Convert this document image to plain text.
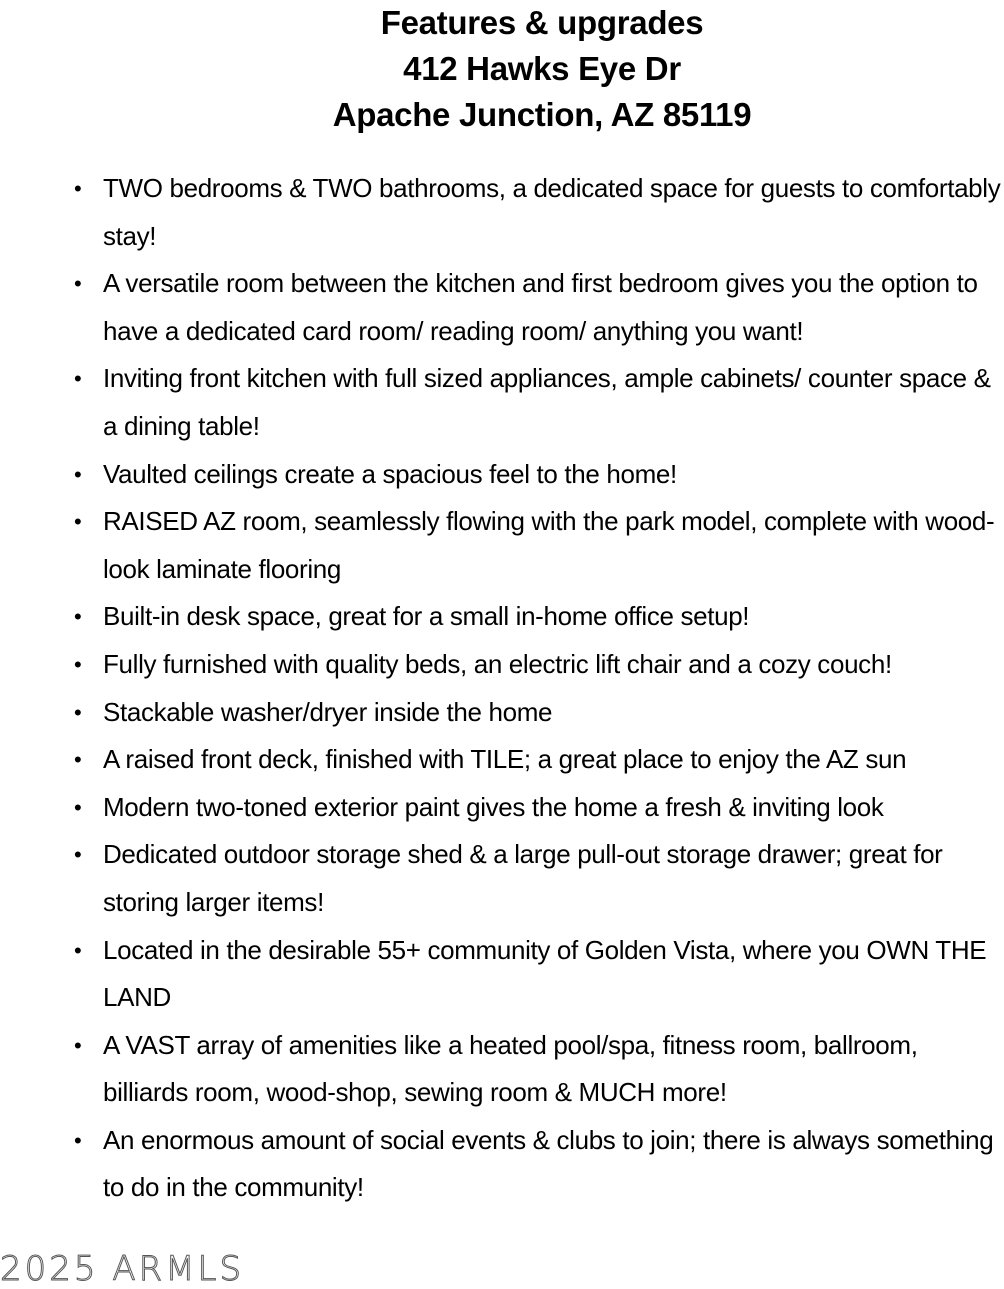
Features & upgrades
412 Hawks Eye Dr
Apache Junction, AZ 85119
• TWO bedrooms & TWO bathrooms, a dedicated space for guests to comfortably stay!
• A versatile room between the kitchen and first bedroom gives you the option to have a dedicated card room/ reading room/ anything you want!
• Inviting front kitchen with full sized appliances, ample cabinets/ counter space & a dining table!
• Vaulted ceilings create a spacious feel to the home!
• RAISED AZ room, seamlessly flowing with the park model, complete with wood-look laminate flooring
• Built-in desk space, great for a small in-home office setup!
• Fully furnished with quality beds, an electric lift chair and a cozy couch!
• Stackable washer/dryer inside the home
• A raised front deck, finished with TILE; a great place to enjoy the AZ sun
• Modern two-toned exterior paint gives the home a fresh & inviting look
• Dedicated outdoor storage shed & a large pull-out storage drawer; great for storing larger items!
• Located in the desirable 55+ community of Golden Vista, where you OWN THE LAND
• A VAST array of amenities like a heated pool/spa, fitness room, ballroom, billiards room, wood-shop, sewing room & MUCH more!
• An enormous amount of social events & clubs to join; there is always something to do in the community!
2025 ARMLS
